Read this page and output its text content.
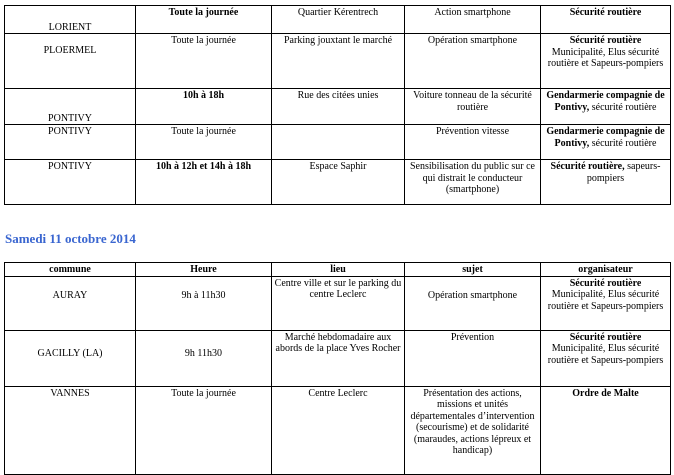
LORIENT	Toute la journée	Quartier Kérentrech	Action smartphone	Sécurité routière

PLOERMEL	Toute la journée	Parking jouxtant le marché	Opération smartphone	Sécurité routière
Municipalité, Elus sécurité routière et Sapeurs-pompiers

PONTIVY	10h à 18h	Rue des citées unies	Voiture tonneau de la sécurité routière	Gendarmerie compagnie de Pontivy, sécurité routière
PONTIVY	Toute la journée		Prévention vitesse	Gendarmerie compagnie de Pontivy, sécurité routière
PONTIVY	10h à 12h et 14h à 18h	Espace Saphir	Sensibilisation du public sur ce qui distrait le conducteur (smartphone)	Sécurité routière, sapeurs-pompiers
Samedi 11 octobre 2014
commune	Heure	lieu	sujet	organisateur

AURAY	9h à 11h30	Centre ville et sur le parking du centre Leclerc	Opération smartphone	Sécurité routière
Municipalité, Elus sécurité routière et Sapeurs-pompiers

GACILLY (LA)	9h 11h30	Marché hebdomadaire aux abords de la place Yves Rocher	Prévention	Sécurité routière
Municipalité, Elus sécurité routière et Sapeurs-pompiers

VANNES	Toute la journée	Centre Leclerc	Présentation des actions, missions et unités départementales d’intervention (secourisme) et de solidarité (maraudes, actions lépreux et handicap)	Ordre de Malte
